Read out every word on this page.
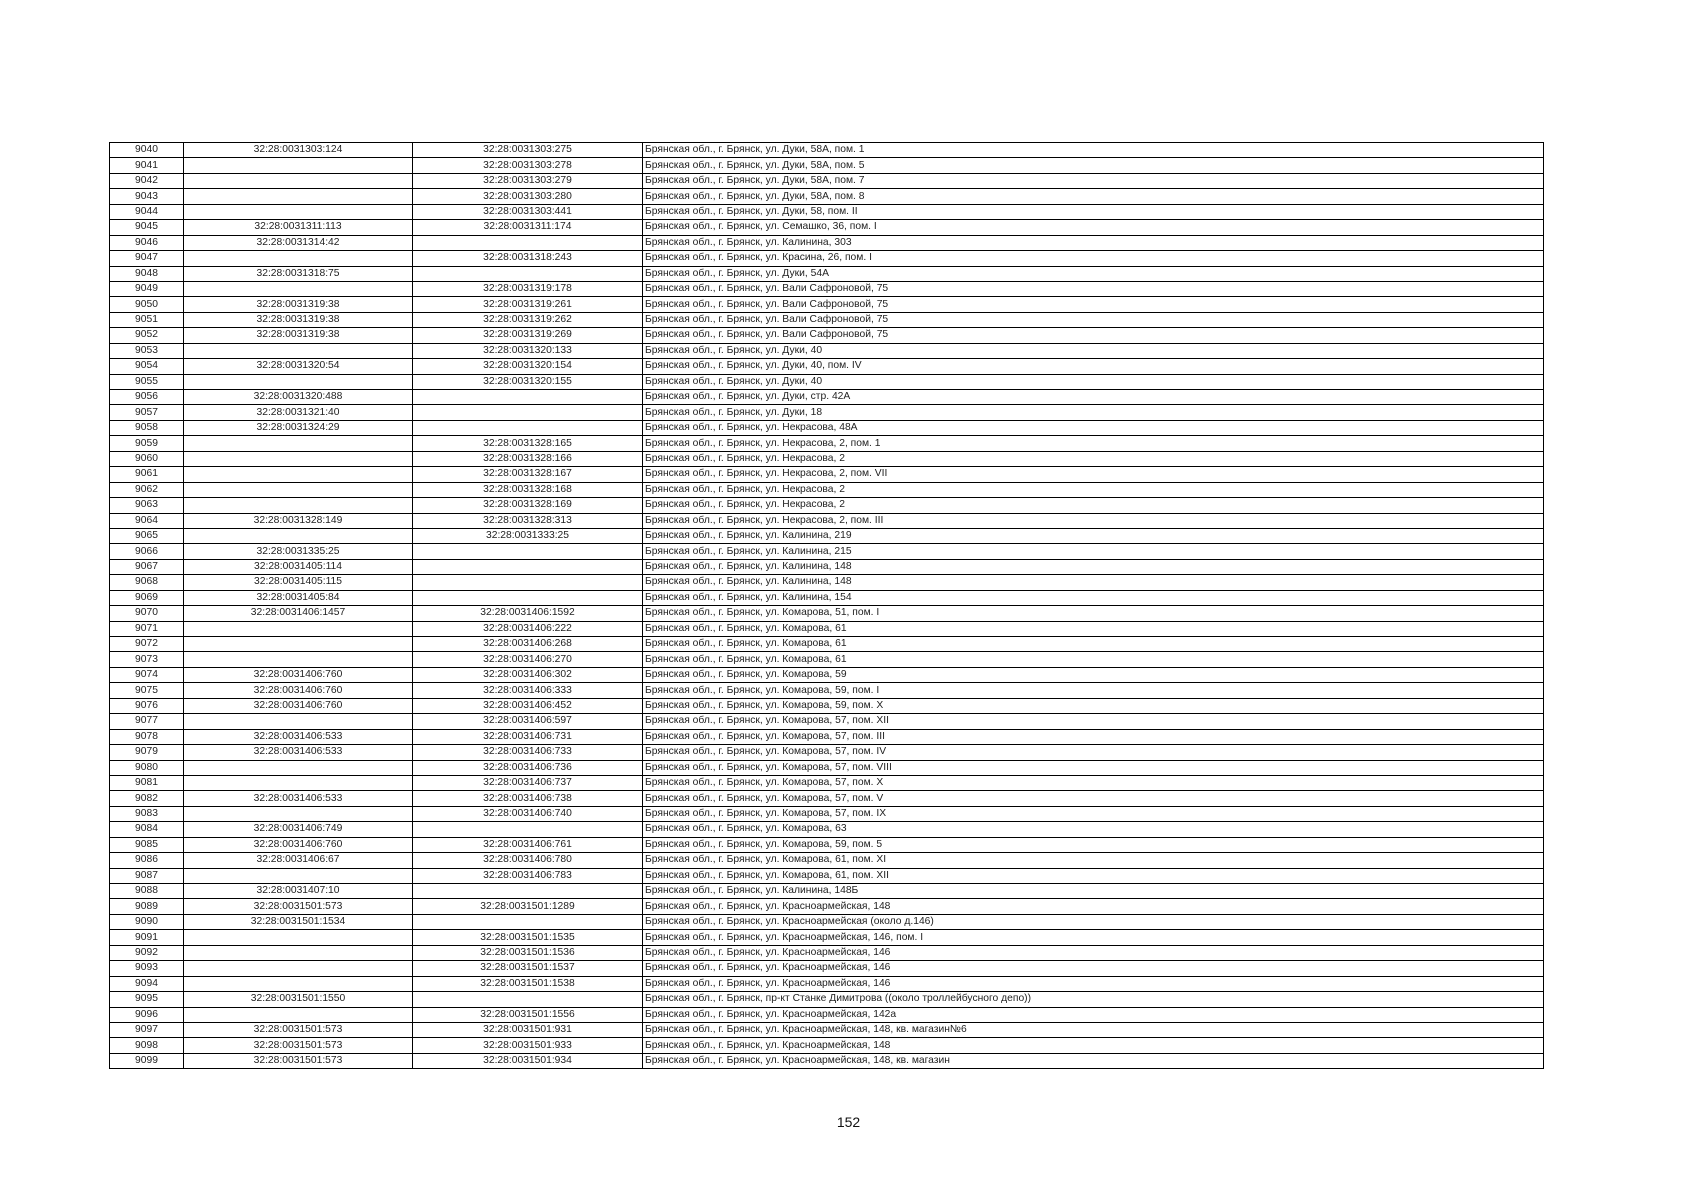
9040	32:28:0031303:124	32:28:0031303:275	Брянская обл., г. Брянск, ул. Дуки, 58А, пом. 1
9041		32:28:0031303:278	Брянская обл., г. Брянск, ул. Дуки, 58А, пом. 5
9042		32:28:0031303:279	Брянская обл., г. Брянск, ул. Дуки, 58А, пом. 7
9043		32:28:0031303:280	Брянская обл., г. Брянск, ул. Дуки, 58А, пом. 8
9044		32:28:0031303:441	Брянская обл., г. Брянск, ул. Дуки, 58, пом. II
9045	32:28:0031311:113	32:28:0031311:174	Брянская обл., г. Брянск, ул. Семашко, 36, пом. I
9046	32:28:0031314:42		Брянская обл., г. Брянск, ул. Калинина, 303
9047		32:28:0031318:243	Брянская обл., г. Брянск, ул. Красина, 26, пом. I
9048	32:28:0031318:75		Брянская обл., г. Брянск, ул. Дуки, 54А
9049		32:28:0031319:178	Брянская обл., г. Брянск, ул. Вали Сафроновой, 75
9050	32:28:0031319:38	32:28:0031319:261	Брянская обл., г. Брянск, ул. Вали Сафроновой, 75
9051	32:28:0031319:38	32:28:0031319:262	Брянская обл., г. Брянск, ул. Вали Сафроновой, 75
9052	32:28:0031319:38	32:28:0031319:269	Брянская обл., г. Брянск, ул. Вали Сафроновой, 75
9053		32:28:0031320:133	Брянская обл., г. Брянск, ул. Дуки, 40
9054	32:28:0031320:54	32:28:0031320:154	Брянская обл., г. Брянск, ул. Дуки, 40, пом. IV
9055		32:28:0031320:155	Брянская обл., г. Брянск, ул. Дуки, 40
9056	32:28:0031320:488		Брянская обл., г. Брянск, ул. Дуки, стр. 42А
9057	32:28:0031321:40		Брянская обл., г. Брянск, ул. Дуки, 18
9058	32:28:0031324:29		Брянская обл., г. Брянск, ул. Некрасова, 48А
9059		32:28:0031328:165	Брянская обл., г. Брянск, ул. Некрасова, 2, пом. 1
9060		32:28:0031328:166	Брянская обл., г. Брянск, ул. Некрасова, 2
9061		32:28:0031328:167	Брянская обл., г. Брянск, ул. Некрасова, 2, пом. VII
9062		32:28:0031328:168	Брянская обл., г. Брянск, ул. Некрасова, 2
9063		32:28:0031328:169	Брянская обл., г. Брянск, ул. Некрасова, 2
9064	32:28:0031328:149	32:28:0031328:313	Брянская обл., г. Брянск, ул. Некрасова, 2, пом. III
9065		32:28:0031333:25	Брянская обл., г. Брянск, ул. Калинина, 219
9066	32:28:0031335:25		Брянская обл., г. Брянск, ул. Калинина, 215
9067	32:28:0031405:114		Брянская обл., г. Брянск, ул. Калинина, 148
9068	32:28:0031405:115		Брянская обл., г. Брянск, ул. Калинина, 148
9069	32:28:0031405:84		Брянская обл., г. Брянск, ул. Калинина, 154
9070	32:28:0031406:1457	32:28:0031406:1592	Брянская обл., г. Брянск, ул. Комарова, 51, пом. I
9071		32:28:0031406:222	Брянская обл., г. Брянск, ул. Комарова, 61
9072		32:28:0031406:268	Брянская обл., г. Брянск, ул. Комарова, 61
9073		32:28:0031406:270	Брянская обл., г. Брянск, ул. Комарова, 61
9074	32:28:0031406:760	32:28:0031406:302	Брянская обл., г. Брянск, ул. Комарова, 59
9075	32:28:0031406:760	32:28:0031406:333	Брянская обл., г. Брянск, ул. Комарова, 59, пом. I
9076	32:28:0031406:760	32:28:0031406:452	Брянская обл., г. Брянск, ул. Комарова, 59, пом. X
9077		32:28:0031406:597	Брянская обл., г. Брянск, ул. Комарова, 57, пом. XII
9078	32:28:0031406:533	32:28:0031406:731	Брянская обл., г. Брянск, ул. Комарова, 57, пом. III
9079	32:28:0031406:533	32:28:0031406:733	Брянская обл., г. Брянск, ул. Комарова, 57, пом. IV
9080		32:28:0031406:736	Брянская обл., г. Брянск, ул. Комарова, 57, пом. VIII
9081		32:28:0031406:737	Брянская обл., г. Брянск, ул. Комарова, 57, пом. X
9082	32:28:0031406:533	32:28:0031406:738	Брянская обл., г. Брянск, ул. Комарова, 57, пом. V
9083		32:28:0031406:740	Брянская обл., г. Брянск, ул. Комарова, 57, пом. IX
9084	32:28:0031406:749		Брянская обл., г. Брянск, ул. Комарова, 63
9085	32:28:0031406:760	32:28:0031406:761	Брянская обл., г. Брянск, ул. Комарова, 59, пом. 5
9086	32:28:0031406:67	32:28:0031406:780	Брянская обл., г. Брянск, ул. Комарова, 61, пом. XI
9087		32:28:0031406:783	Брянская обл., г. Брянск, ул. Комарова, 61, пом. XII
9088	32:28:0031407:10		Брянская обл., г. Брянск, ул. Калинина, 148Б
9089	32:28:0031501:573	32:28:0031501:1289	Брянская обл., г. Брянск, ул. Красноармейская, 148
9090	32:28:0031501:1534		Брянская обл., г. Брянск, ул. Красноармейская (около д.146)
9091		32:28:0031501:1535	Брянская обл., г. Брянск, ул. Красноармейская, 146, пом. I
9092		32:28:0031501:1536	Брянская обл., г. Брянск, ул. Красноармейская, 146
9093		32:28:0031501:1537	Брянская обл., г. Брянск, ул. Красноармейская, 146
9094		32:28:0031501:1538	Брянская обл., г. Брянск, ул. Красноармейская, 146
9095	32:28:0031501:1550		Брянская обл., г. Брянск, пр-кт Станке Димитрова ((около троллейбусного депо))
9096		32:28:0031501:1556	Брянская обл., г. Брянск, ул. Красноармейская, 142а
9097	32:28:0031501:573	32:28:0031501:931	Брянская обл., г. Брянск, ул. Красноармейская, 148, кв. магазин№6
9098	32:28:0031501:573	32:28:0031501:933	Брянская обл., г. Брянск, ул. Красноармейская, 148
9099	32:28:0031501:573	32:28:0031501:934	Брянская обл., г. Брянск, ул. Красноармейская, 148, кв. магазин
152
